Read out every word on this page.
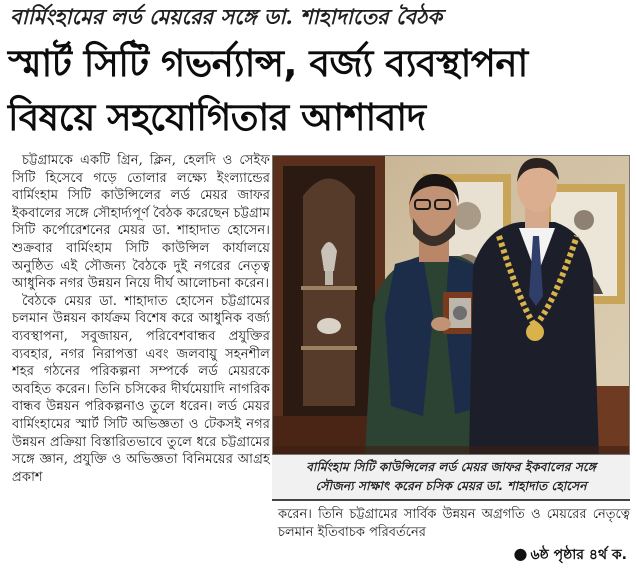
বার্মিংহামের লর্ড মেয়রের সঙ্গে ডা. শাহাদাতের বৈঠক
স্মার্ট সিটি গভর্ন্যান্স, বর্জ্য ব্যবস্থাপনা
বিষয়ে সহযোগিতার আশাবাদ

চট্টগ্রামকে একটি গ্রিন, ক্লিন, হেলদি ও সেইফ সিটি হিসেবে গড়ে তোলার লক্ষ্যে ইংল্যান্ডের বার্মিংহাম সিটি কাউন্সিলের লর্ড মেয়র জাফর ইকবালের সঙ্গে সৌহার্দ্যপূর্ণ বৈঠক করেছেন চট্টগ্রাম সিটি কর্পোরেশনের মেয়র ডা. শাহাদাত হোসেন। শুক্রবার বার্মিংহাম সিটি কাউন্সিল কার্যালয়ে অনুষ্ঠিত এই সৌজন্য বৈঠকে দুই নগরের নেতৃত্ব আধুনিক নগর উন্নয়ন নিয়ে দীর্ঘ আলোচনা করেন।

বৈঠকে মেয়র ডা. শাহাদাত হোসেন চট্টগ্রামের চলমান উন্নয়ন কার্যক্রম বিশেষ করে আধুনিক বর্জ্য ব্যবস্থাপনা, সবুজায়ন, পরিবেশবান্ধব প্রযুক্তির ব্যবহার, নগর নিরাপত্তা এবং জলবায়ু সহনশীল শহর গঠনের পরিকল্পনা সম্পর্কে লর্ড মেয়রকে অবহিত করেন। তিনি চসিকের দীর্ঘমেয়াদি নাগরিক বান্ধব উন্নয়ন পরিকল্পনাও তুলে ধরেন। লর্ড মেয়র বার্মিংহামের স্মার্ট সিটি অভিজ্ঞতা ও টেকসই নগর উন্নয়ন প্রক্রিয়া বিস্তারিতভাবে তুলে ধরে চট্টগ্রামের সঙ্গে জ্ঞান, প্রযুক্তি ও অভিজ্ঞতা বিনিময়ের আগ্রহ প্রকাশ

বার্মিংহাম সিটি কাউন্সিলের লর্ড মেয়র জাফর ইকবালের সঙ্গে
সৌজন্য সাক্ষাৎ করেন চসিক মেয়র ডা. শাহাদাত হোসেন

করেন। তিনি চট্টগ্রামের সার্বিক উন্নয়ন অগ্রগতি ও মেয়রের নেতৃত্বে চলমান ইতিবাচক পরিবর্তনের

● ৬ষ্ঠ পৃষ্ঠার ৪র্থ ক.
